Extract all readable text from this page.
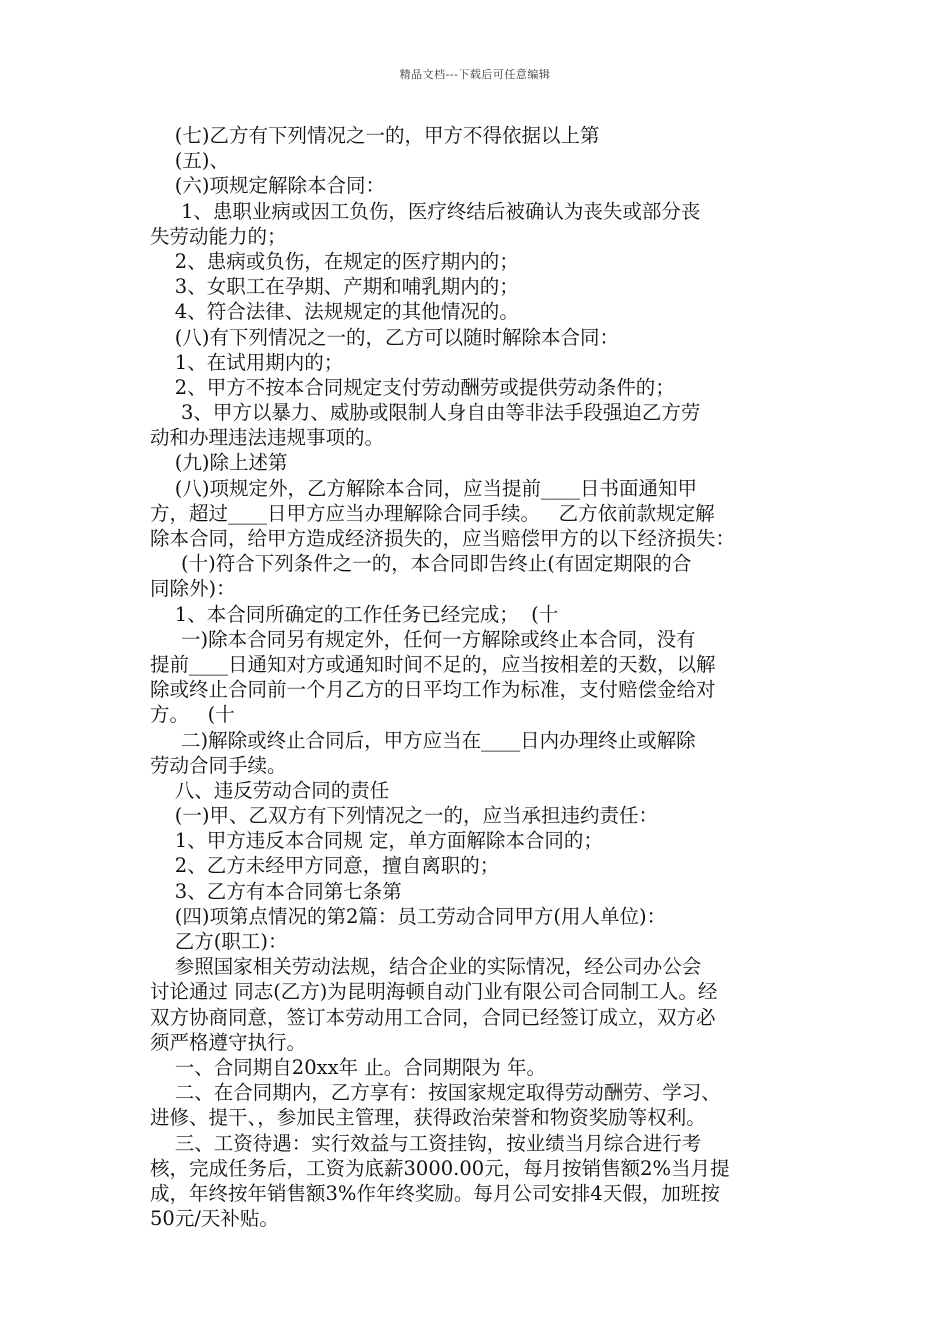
精品文档---下载后可任意编辑
(七)乙方有下列情况之一的，甲方不得依据以上第
(五)、
(六)项规定解除本合同：
1、患职业病或因工负伤，医疗终结后被确认为丧失或部分丧
失劳动能力的；
2、患病或负伤，在规定的医疗期内的；
3、女职工在孕期、产期和哺乳期内的；
4、符合法律、法规规定的其他情况的。
(八)有下列情况之一的，乙方可以随时解除本合同：
1、在试用期内的；
2、甲方不按本合同规定支付劳动酬劳或提供劳动条件的；
3、甲方以暴力、威胁或限制人身自由等非法手段强迫乙方劳
动和办理违法违规事项的。
(九)除上述第
(八)项规定外，乙方解除本合同，应当提前____日书面通知甲
方，超过____日甲方应当办理解除合同手续。   乙方依前款规定解
除本合同，给甲方造成经济损失的，应当赔偿甲方的以下经济损失：
(十)符合下列条件之一的，本合同即告终止(有固定期限的合
同除外)：
1、本合同所确定的工作任务已经完成；  (十
一)除本合同另有规定外，任何一方解除或终止本合同，没有
提前____日通知对方或通知时间不足的，应当按相差的天数，以解
除或终止合同前一个月乙方的日平均工作为标准，支付赔偿金给对
方。   (十
二)解除或终止合同后，甲方应当在____日内办理终止或解除
劳动合同手续。
八、违反劳动合同的责任
(一)甲、乙双方有下列情况之一的，应当承担违约责任：
1、甲方违反本合同规 定，单方面解除本合同的；
2、乙方未经甲方同意，擅自离职的；
3、乙方有本合同第七条第
(四)项第点情况的第2篇：员工劳动合同甲方(用人单位)：
乙方(职工)：
参照国家相关劳动法规，结合企业的实际情况，经公司办公会
讨论通过 同志(乙方)为昆明海顿自动门业有限公司合同制工人。经
双方协商同意，签订本劳动用工合同，合同已经签订成立，双方必
须严格遵守执行。
一、合同期自20xx年 止。合同期限为 年。
二、在合同期内，乙方享有：按国家规定取得劳动酬劳、学习、
进修、提干、，参加民主管理，获得政治荣誉和物资奖励等权利。
三、工资待遇：实行效益与工资挂钩，按业绩当月综合进行考
核，完成任务后，工资为底薪3000.00元，每月按销售额2%当月提
成，年终按年销售额3%作年终奖励。每月公司安排4天假，加班按
50元/天补贴。
